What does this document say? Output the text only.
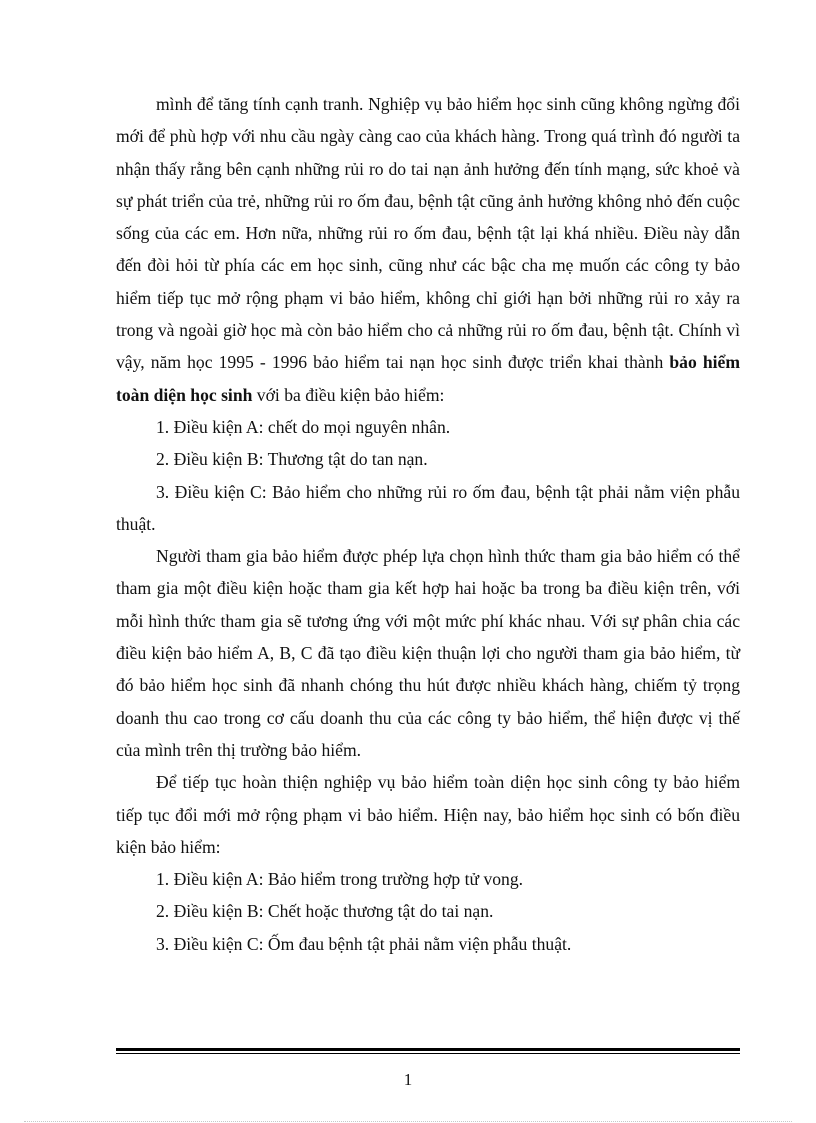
mình để tăng tính cạnh tranh. Nghiệp vụ bảo hiểm học sinh cũng không ngừng đổi mới để phù hợp với nhu cầu ngày càng cao của khách hàng. Trong quá trình đó người ta nhận thấy rằng bên cạnh những rủi ro do tai nạn ảnh hưởng đến tính mạng, sức khoẻ và sự phát triển của trẻ, những rủi ro ốm đau, bệnh tật cũng ảnh hưởng không nhỏ đến cuộc sống của các em. Hơn nữa, những rủi ro ốm đau, bệnh tật lại khá nhiều. Điều này dẫn đến đòi hỏi từ phía các em học sinh, cũng như các bậc cha mẹ muốn các công ty bảo hiểm tiếp tục mở rộng phạm vi bảo hiểm, không chỉ giới hạn bởi những rủi ro xảy ra trong và ngoài giờ học mà còn bảo hiểm cho cả những rủi ro ốm đau, bệnh tật. Chính vì vậy, năm học 1995 - 1996 bảo hiểm tai nạn học sinh được triển khai thành bảo hiểm toàn diện học sinh với ba điều kiện bảo hiểm:

1. Điều kiện A: chết do mọi nguyên nhân.

2. Điều kiện B: Thương tật do tan nạn.

3. Điều kiện C: Bảo hiểm cho những rủi ro ốm đau, bệnh tật phải nằm viện phẫu thuật.

Người tham gia bảo hiểm được phép lựa chọn hình thức tham gia bảo hiểm có thể tham gia một điều kiện hoặc tham gia kết hợp hai hoặc ba trong ba điều kiện trên, với mỗi hình thức tham gia sẽ tương ứng với một mức phí khác nhau. Với sự phân chia các điều kiện bảo hiểm A, B, C đã tạo điều kiện thuận lợi cho người tham gia bảo hiểm, từ đó bảo hiểm học sinh đã nhanh chóng thu hút được nhiều khách hàng, chiếm tỷ trọng doanh thu cao trong cơ cấu doanh thu của các công ty bảo hiểm, thể hiện được vị thế của mình trên thị trường bảo hiểm.

Để tiếp tục hoàn thiện nghiệp vụ bảo hiểm toàn diện học sinh công ty bảo hiểm tiếp tục đổi mới mở rộng phạm vi bảo hiểm. Hiện nay, bảo hiểm học sinh có bốn điều kiện bảo hiểm:

1. Điều kiện A: Bảo hiểm trong trường hợp tử vong.

2. Điều kiện B: Chết hoặc thương tật do tai nạn.

3. Điều kiện C: Ốm đau bệnh tật phải nằm viện phẫu thuật.

1
